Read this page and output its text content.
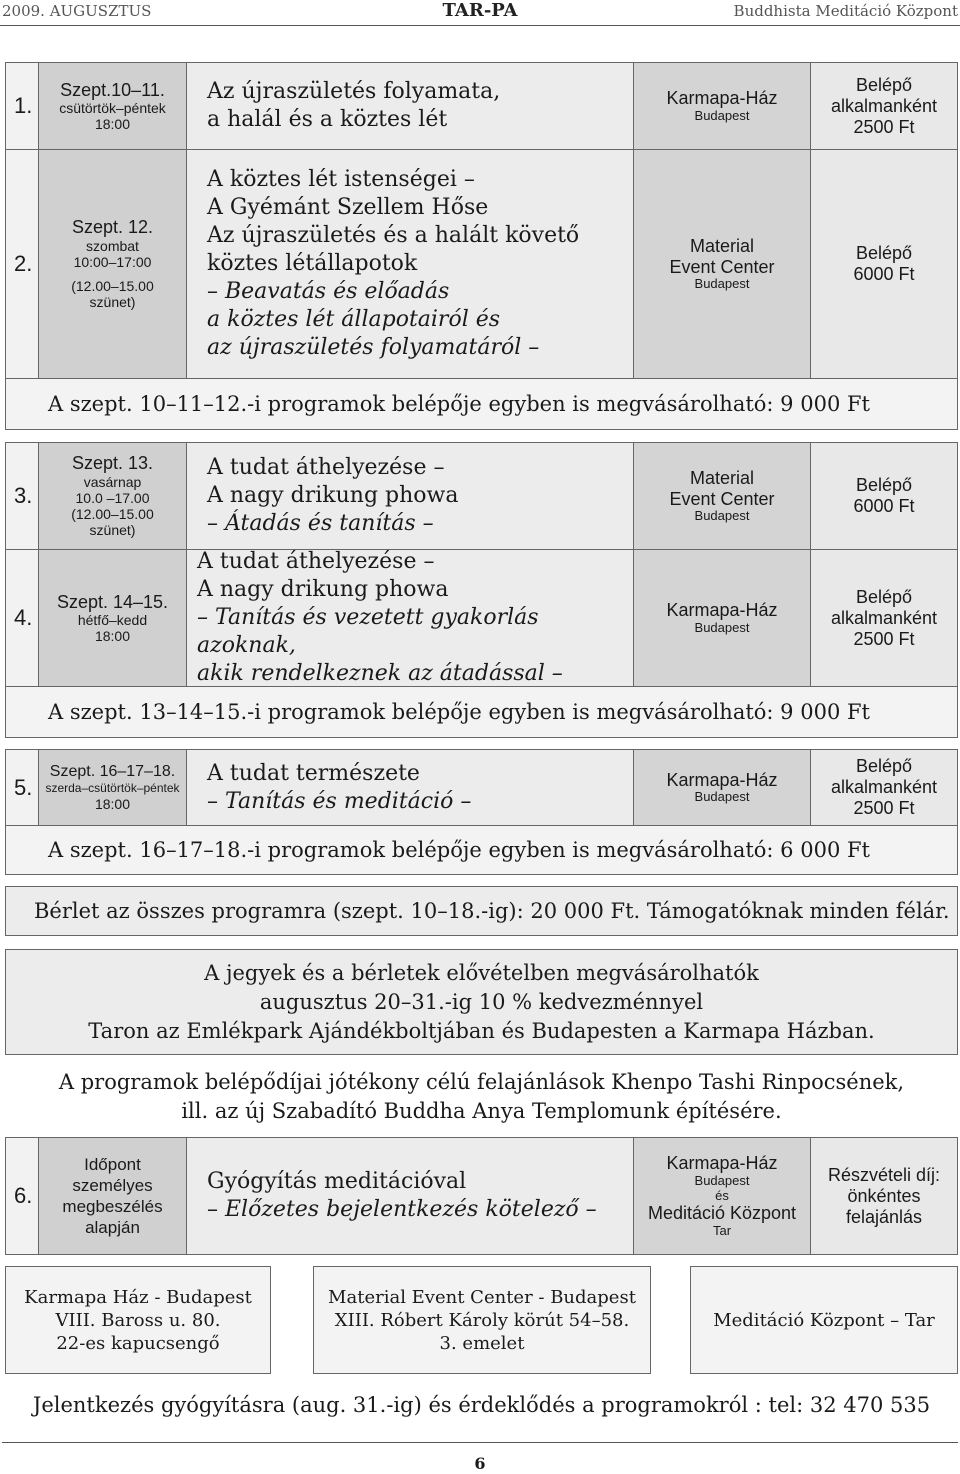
2009. AUGUSZTUS	TAR-PA	Buddhista Meditáció Központ
1.
Szept.10–11.
csütörtök–péntek
18:00
Az újraszületés folyamata,
a halál és a köztes lét
Karmapa-Ház
Budapest
Belépő
alkalmanként
2500 Ft
2.
Szept. 12.
szombat
10:00–17:00
(12.00–15.00
szünet)
A köztes lét istenségei –
A Gyémánt Szellem Hőse
Az újraszületés és a halált követő
köztes létállapotok
– Beavatás és előadás
a köztes lét állapotairól és
az újraszületés folyamatáról –
Material
Event Center
Budapest
Belépő
6000 Ft
A szept. 10–11–12.-i programok belépője egyben is megvásárolható: 9 000 Ft
3.
Szept. 13.
vasárnap
10.0 –17.00
(12.00–15.00
szünet)
A tudat áthelyezése –
A nagy drikung phowa
– Átadás és tanítás –
Material
Event Center
Budapest
Belépő
6000 Ft
4.
Szept. 14–15.
hétfő–kedd
18:00
A tudat áthelyezése –
A nagy drikung phowa
– Tanítás és vezetett gyakorlás azoknak,
akik rendelkeznek az átadással –
Karmapa-Ház
Budapest
Belépő
alkalmanként
2500 Ft
A szept. 13–14–15.-i programok belépője egyben is megvásárolható: 9 000 Ft
5.
Szept. 16–17–18.
szerda–csütörtök–péntek
18:00
A tudat természete
– Tanítás és meditáció –
Karmapa-Ház
Budapest
Belépő
alkalmanként
2500 Ft
A szept. 16–17–18.-i programok belépője egyben is megvásárolható: 6 000 Ft
Bérlet az összes programra (szept. 10–18.-ig): 20 000 Ft. Támogatóknak minden félár.
A jegyek és a bérletek elővételben megvásárolhatók
augusztus 20–31.-ig 10 % kedvezménnyel
Taron az Emlékpark Ajándékboltjában és Budapesten a Karmapa Házban.
A programok belépődíjai jótékony célú felajánlások Khenpo Tashi Rinpocsének,
ill. az új Szabadító Buddha Anya Templomunk építésére.
6.
Időpont
személyes
megbeszélés
alapján
Gyógyítás meditációval
– Előzetes bejelentkezés kötelező –
Karmapa-Ház
Budapest
és
Meditáció Központ
Tar
Részvételi díj:
önkéntes
felajánlás
Karmapa Ház - Budapest
VIII. Baross u. 80.
22-es kapucsengő
Material Event Center - Budapest
XIII. Róbert Károly körút 54–58.
3. emelet
Meditáció Központ – Tar
Jelentkezés gyógyításra (aug. 31.-ig) és érdeklődés a programokról : tel: 32 470 535
6
